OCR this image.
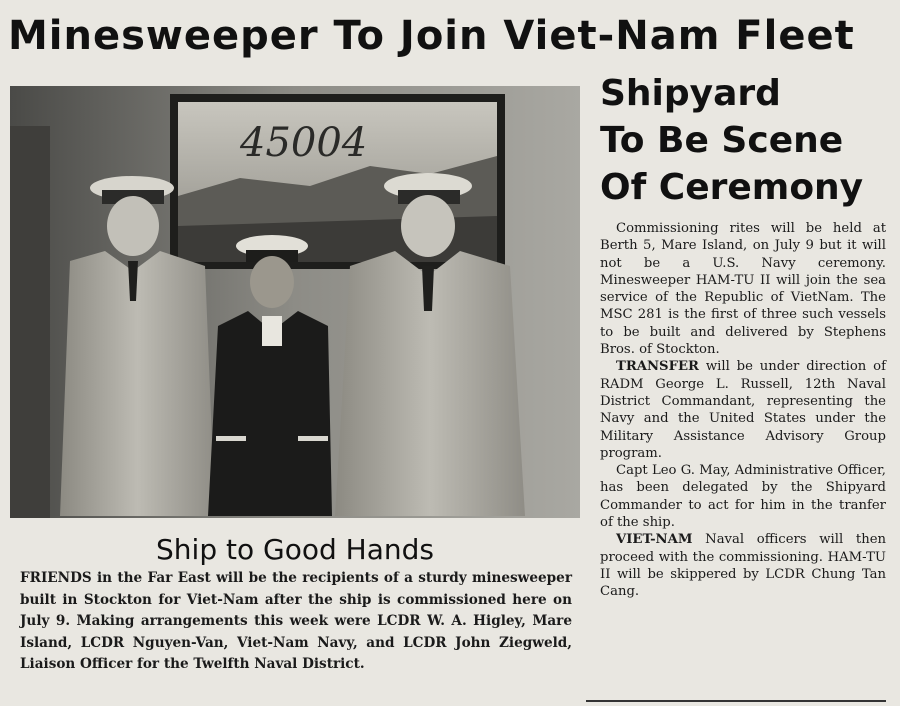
Minesweeper To Join Viet-Nam Fleet
45004
Ship to Good Hands
FRIENDS in the Far East will be the recipients of a sturdy minesweeper built in Stockton for Viet-Nam after the ship is commissioned here on July 9. Making arrangements this week were LCDR W. A. Higley, Mare Island, LCDR Nguyen-Van, Viet-Nam Navy, and LCDR John Ziegweld, Liaison Officer for the Twelfth Naval District.
Shipyard
To Be Scene
Of Ceremony

Commissioning rites will be held at Berth 5, Mare Island, on July 9 but it will not be a U.S. Navy ceremony. Minesweeper HAM-TU II will join the sea service of the Republic of VietNam. The MSC 281 is the first of three such vessels to be built and delivered by Stephens Bros. of Stockton.

TRANSFER will be under direction of RADM George L. Russell, 12th Naval District Commandant, representing the Navy and the United States under the Military Assistance Advisory Group program.

Capt Leo G. May, Administrative Officer, has been delegated by the Shipyard Commander to act for him in the tranfer of the ship.

VIET-NAM Naval officers will then proceed with the commissioning. HAM-TU II will be skippered by LCDR Chung Tan Cang.
